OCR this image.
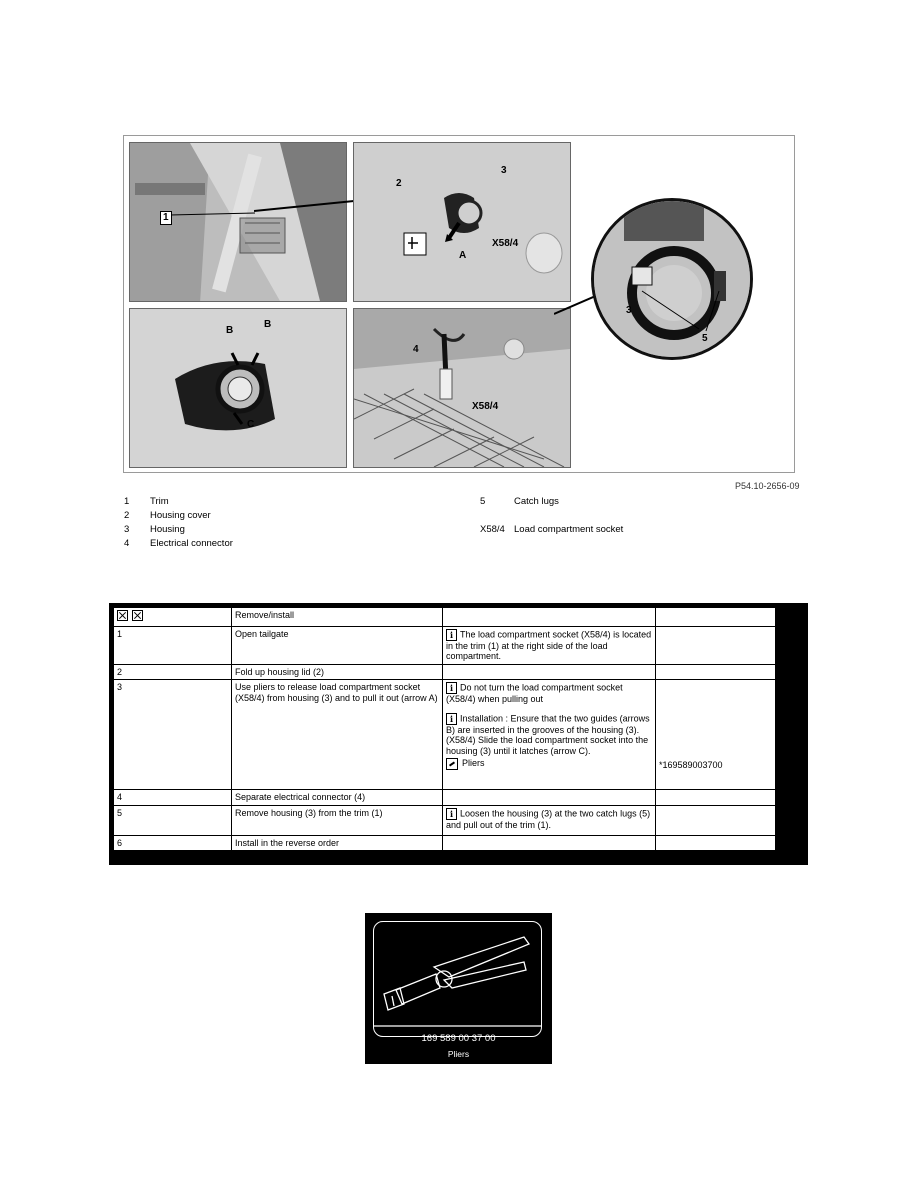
1
2
3
A
X58/4
B
B
C
4
X58/4
3
5
P54.10-2656-09
1 Trim
2 Housing cover
3 Housing
4 Electrical connector
5	Catch lugs
X58/4 Load compartment socket
	Remove/install		
1	Open tailgate	i The load compartment socket (X58/4) is located in the trim (1) at the right side of the load compartment.	
2	Fold up housing lid (2)		
3	Use pliers to release load compartment socket (X58/4) from housing (3) and to pull it out (arrow A)	i Do not turn the load compartment socket (X58/4) when pulling out
i Installation : Ensure that the two guides (arrows B) are inserted in the grooves of the housing (3). (X58/4) Slide the load compartment socket into the housing (3) until it latches (arrow C).
Pliers	*169589003700

4	Separate electrical connector (4)		
5	Remove housing (3) from the trim (1)	i Loosen the housing (3) at the two catch lugs (5) and pull out of the trim (1).	
6	Install in the reverse order		
169 589 00 37 00
Pliers
